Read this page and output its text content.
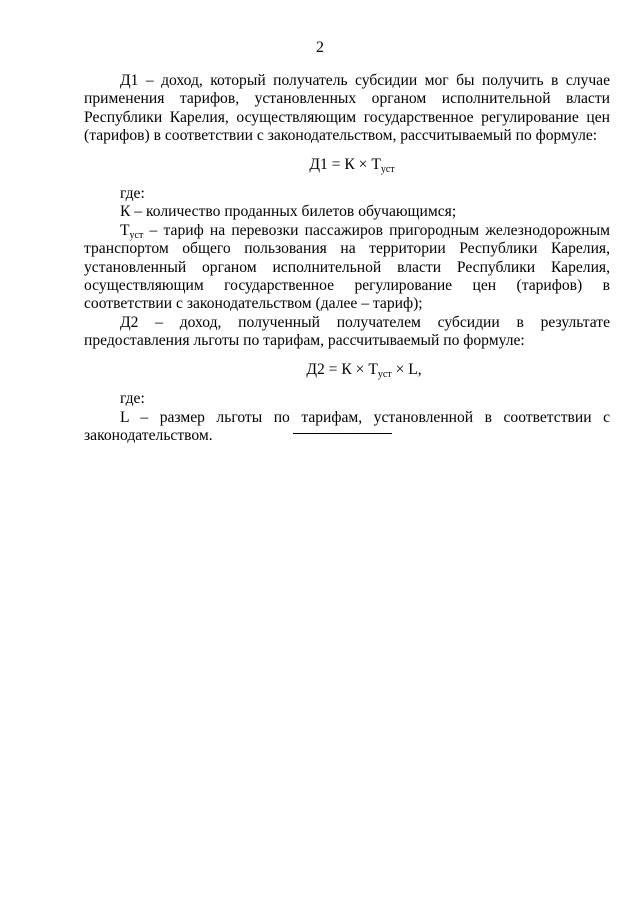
2

Д1 – доход, который получатель субсидии мог бы получить в случае применения тарифов, установленных органом исполнительной власти Республики Карелия, осуществляющим государственное регулирование цен (тарифов) в соответствии с законодательством, рассчитываемый по формуле:

$Д1 = К \times Т_{уст}$

где:

К – количество проданных билетов обучающимся;

$Т_{уст}$ – тариф на перевозки пассажиров пригородным железнодорожным транспортом общего пользования на территории Республики Карелия, установленный органом исполнительной власти Республики Карелия, осуществляющим государственное регулирование цен (тарифов) в соответствии с законодательством (далее – тариф);

Д2 – доход, полученный получателем субсидии в результате предоставления льготы по тарифам, рассчитываемый по формуле:

$Д2 = К \times Т_{уст} \times L$,

где:

L – размер льготы по тарифам, установленной в соответствии с законодательством.
